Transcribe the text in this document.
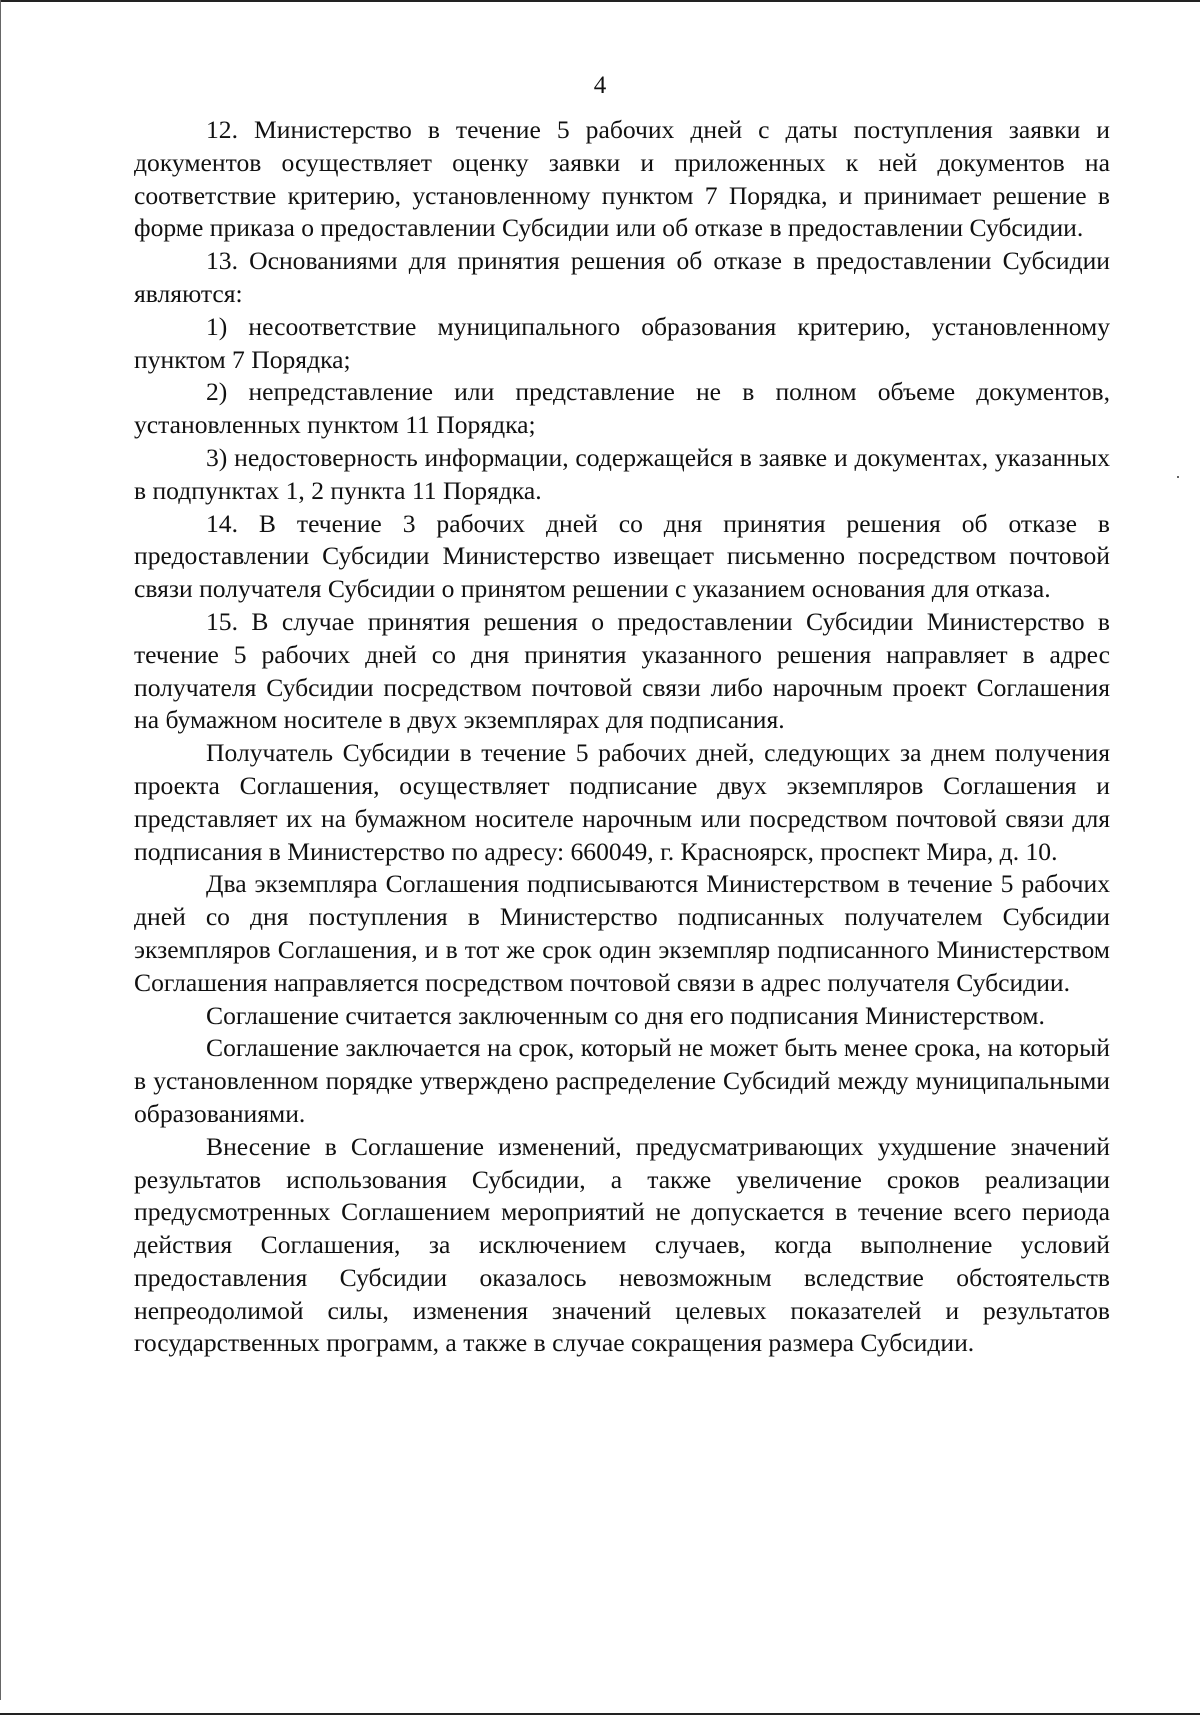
4

12. Министерство в течение 5 рабочих дней с даты поступления заявки и документов осуществляет оценку заявки и приложенных к ней документов на соответствие критерию, установленному пунктом 7 Порядка, и принимает решение в форме приказа о предоставлении Субсидии или об отказе в предоставлении Субсидии.

13. Основаниями для принятия решения об отказе в предоставлении Субсидии являются:

1) несоответствие муниципального образования критерию, установленному пунктом 7 Порядка;

2) непредставление или представление не в полном объеме документов, установленных пунктом 11 Порядка;

3) недостоверность информации, содержащейся в заявке и документах, указанных в подпунктах 1, 2 пункта 11 Порядка.

14. В течение 3 рабочих дней со дня принятия решения об отказе в предоставлении Субсидии Министерство извещает письменно посредством почтовой связи получателя Субсидии о принятом решении с указанием основания для отказа.

15. В случае принятия решения о предоставлении Субсидии Министерство в течение 5 рабочих дней со дня принятия указанного решения направляет в адрес получателя Субсидии посредством почтовой связи либо нарочным проект Соглашения на бумажном носителе в двух экземплярах для подписания.

Получатель Субсидии в течение 5 рабочих дней, следующих за днем получения проекта Соглашения, осуществляет подписание двух экземпляров Соглашения и представляет их на бумажном носителе нарочным или посредством почтовой связи для подписания в Министерство по адресу: 660049, г. Красноярск, проспект Мира, д. 10.

Два экземпляра Соглашения подписываются Министерством в течение 5 рабочих дней со дня поступления в Министерство подписанных получателем Субсидии экземпляров Соглашения, и в тот же срок один экземпляр подписанного Министерством Соглашения направляется посредством почтовой связи в адрес получателя Субсидии.

Соглашение считается заключенным со дня его подписания Министерством.

Соглашение заключается на срок, который не может быть менее срока, на который в установленном порядке утверждено распределение Субсидий между муниципальными образованиями.

Внесение в Соглашение изменений, предусматривающих ухудшение значений результатов использования Субсидии, а также увеличение сроков реализации предусмотренных Соглашением мероприятий не допускается в течение всего периода действия Соглашения, за исключением случаев, когда выполнение условий предоставления Субсидии оказалось невозможным вследствие обстоятельств непреодолимой силы, изменения значений целевых показателей и результатов государственных программ, а также в случае сокращения размера Субсидии.
